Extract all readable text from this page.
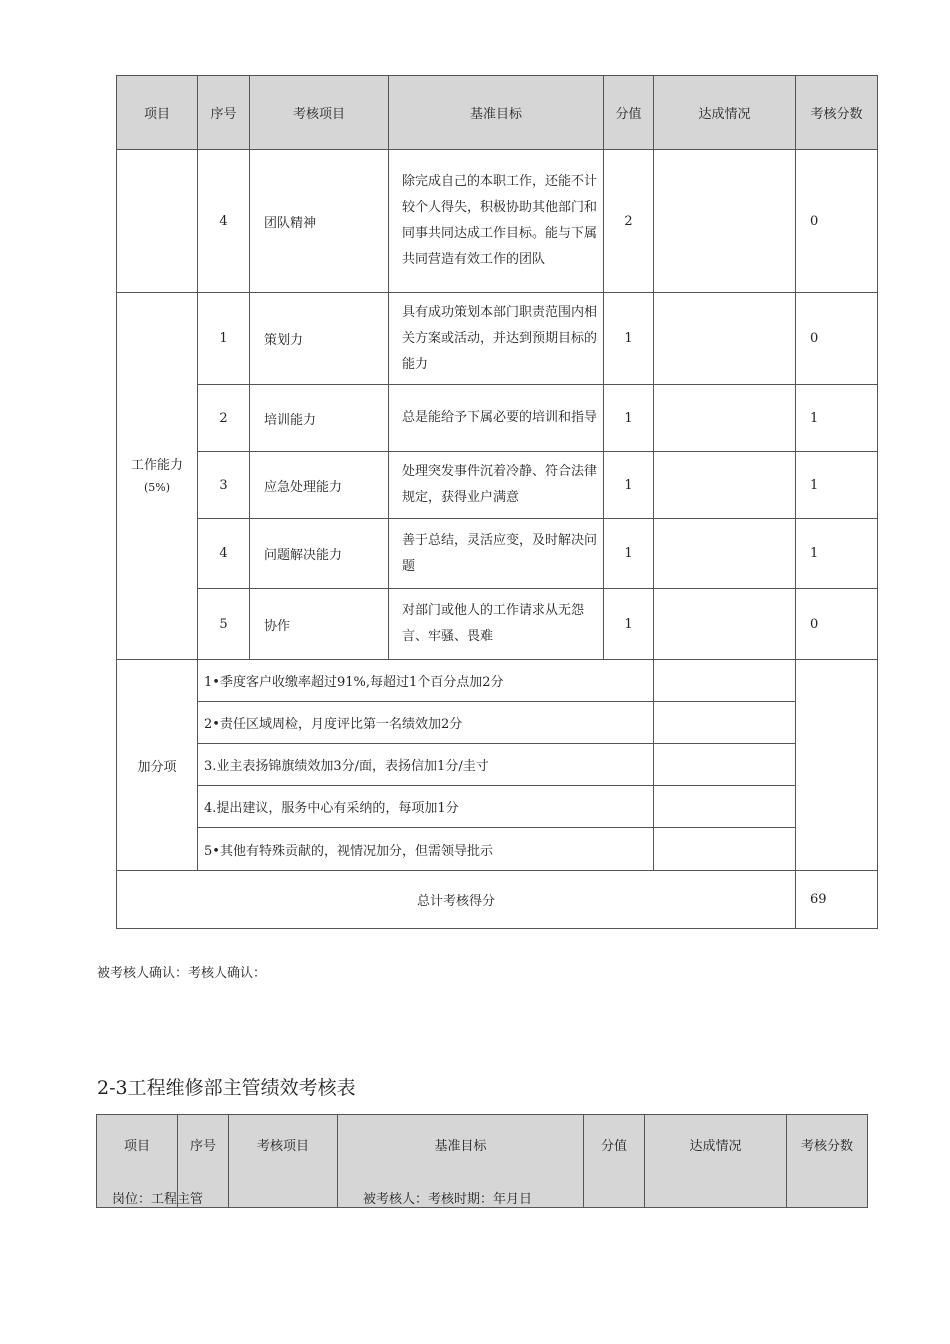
项目	序号	考核项目	基准目标	分值	达成情况	考核分数
	4	团队精神	除完成自己的本职工作，还能不计较个人得失，积极协助其他部门和同事共同达成工作目标。能与下属共同营造有效工作的团队	2		0

工作能力
(5%)	1	策划力	具有成功策划本部门职责范围内相关方案或活动，并达到预期目标的能力	1		0
	2	培训能力	总是能给予下属必要的培训和指导	1		1
	3	应急处理能力	处理突发事件沉着冷静、符合法律规定，获得业户满意	1		1
	4	问题解决能力	善于总结，灵活应变，及时解决问题	1		1
	5	协作	对部门或他人的工作请求从无怨言、牢骚、畏难	1		0
加分项	1•季度客户收缴率超过91%,每超过1个百分点加2分					
	2•责任区域周检，月度评比第一名绩效加2分					
	3.业主表扬锦旗绩效加3分/面，表扬信加1分/圭寸					
	4.提出建议，服务中心有采纳的，每项加1分					
	5•其他有特殊贡献的，视情况加分，但需领导批示					
总计考核得分						69
被考核人确认：考核人确认：
2-3工程维修部主管绩效考核表
项目	序号	考核项目	基准目标	分值	达成情况	考核分数
岗位：工程主管	被考核人：考核时期：年月日
